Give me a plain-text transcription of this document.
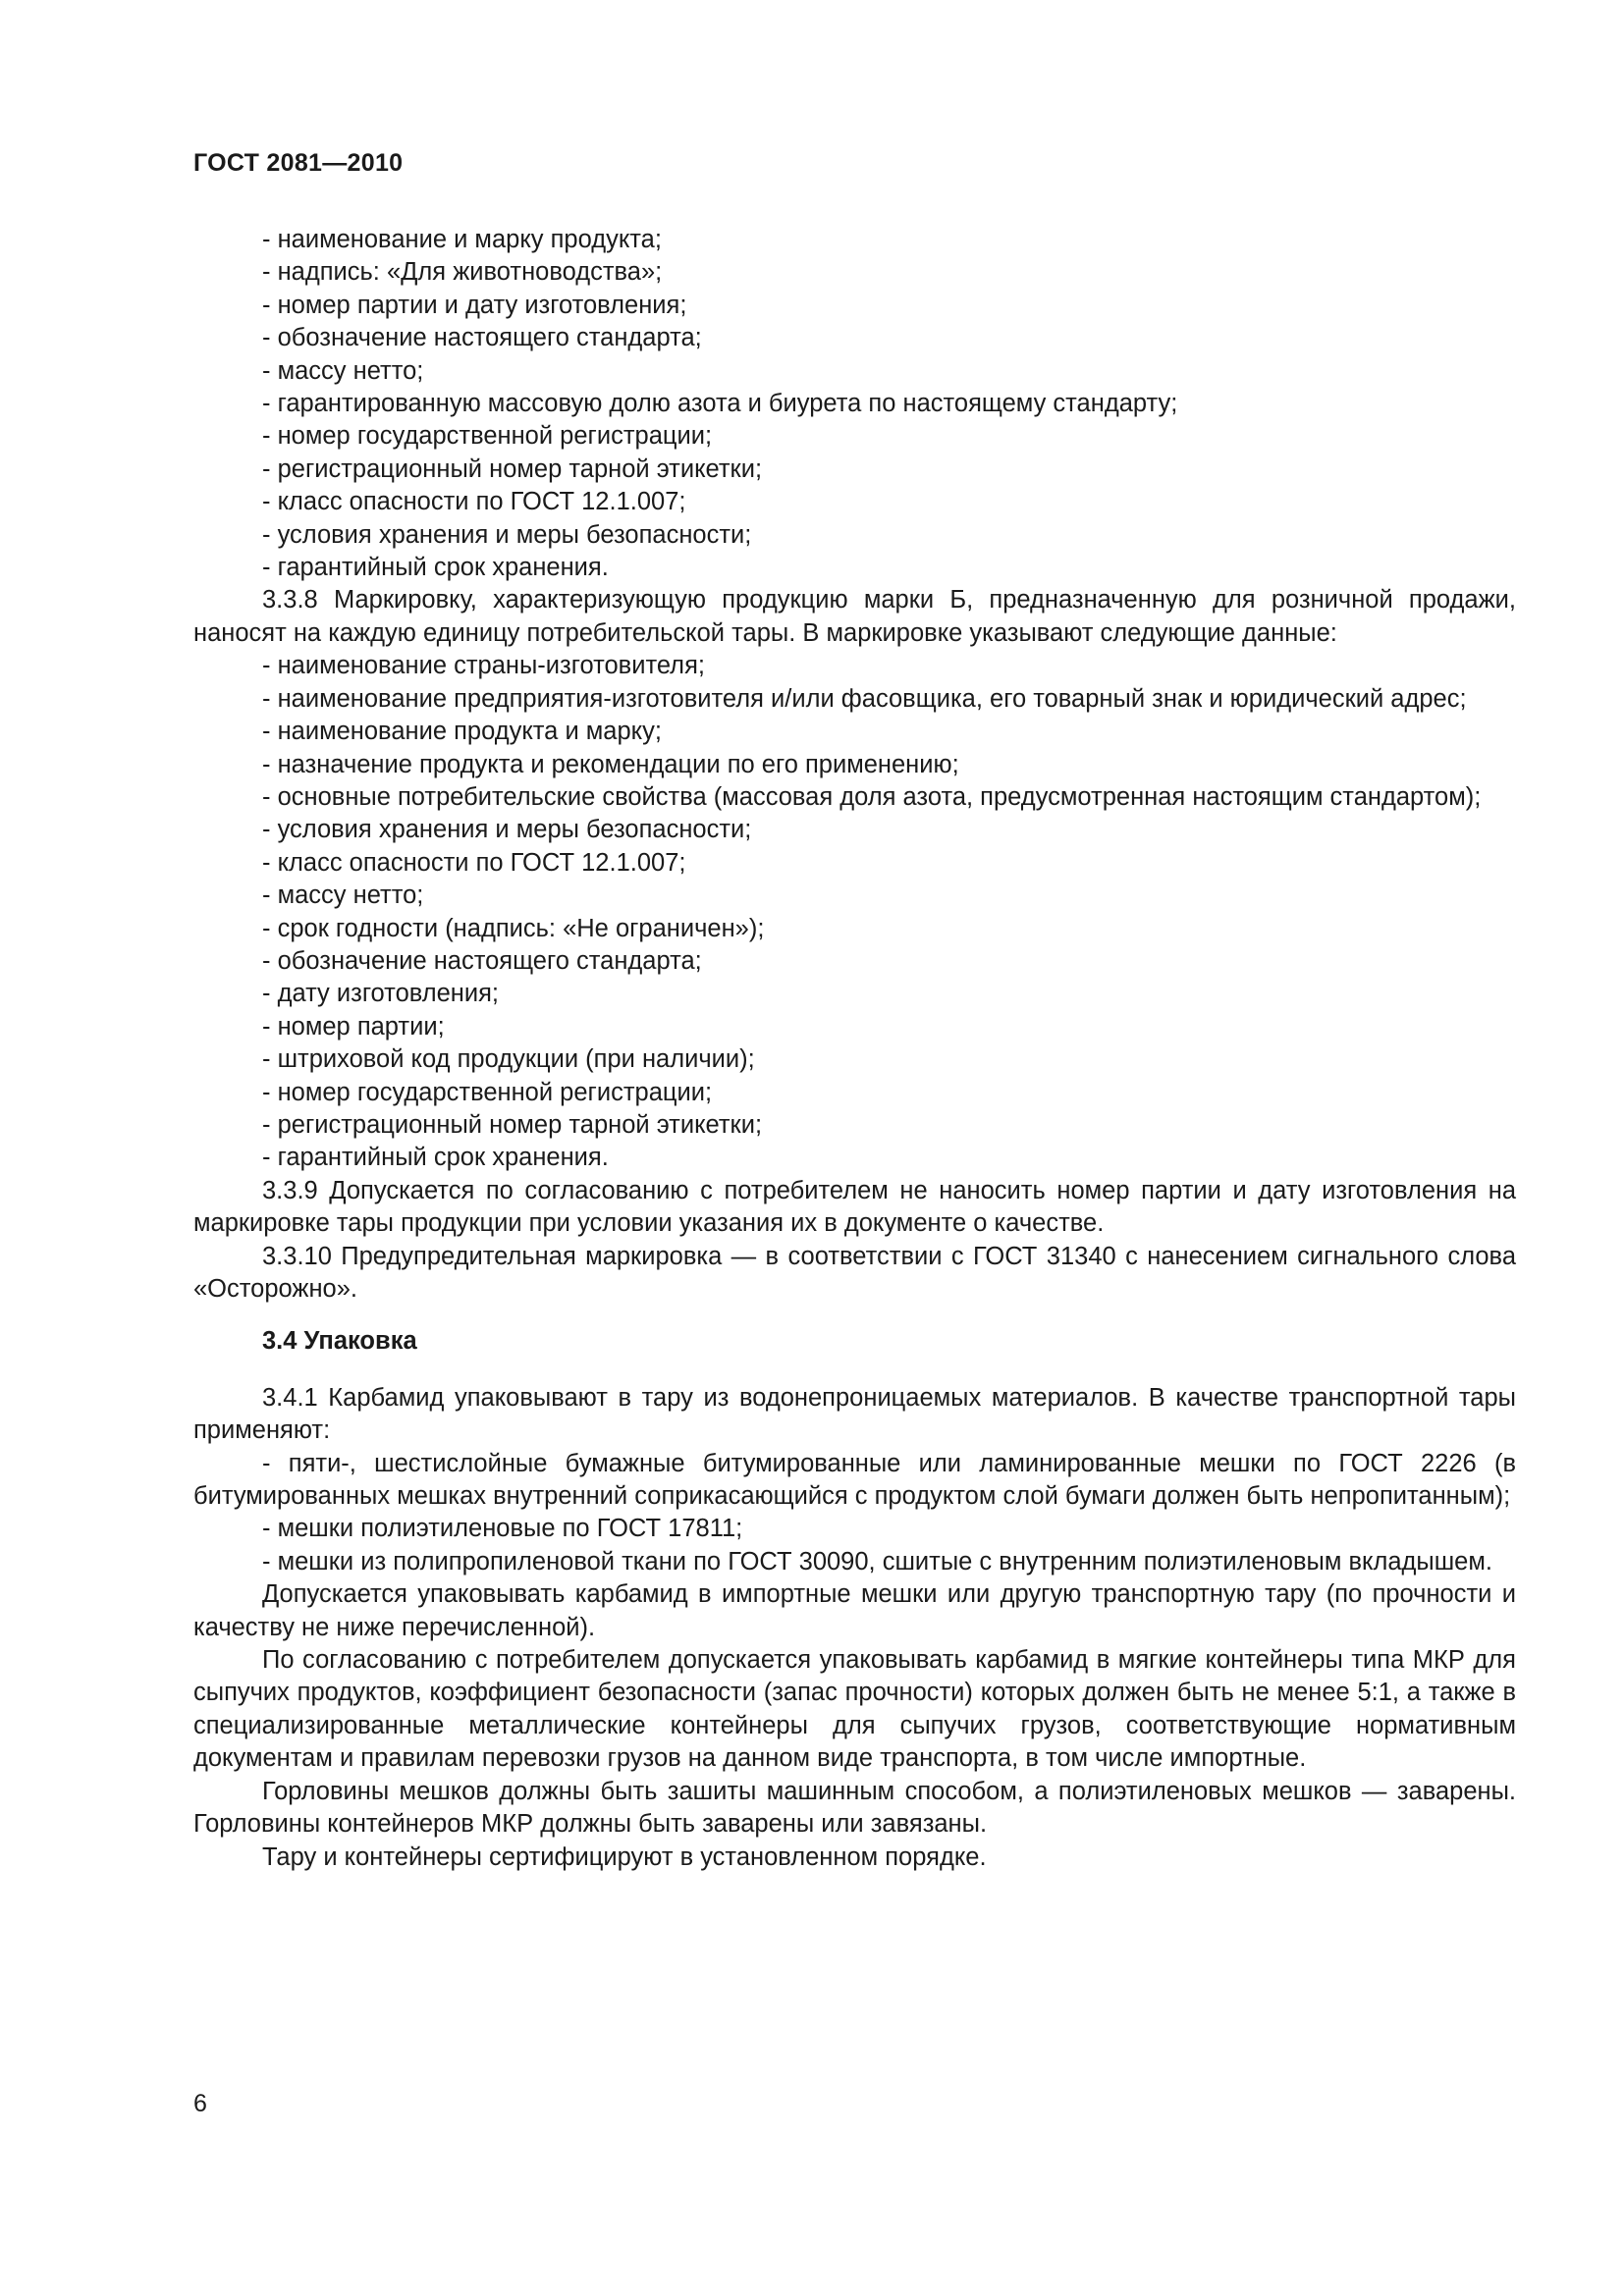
ГОСТ 2081—2010

- наименование и марку продукта;

- надпись: «Для животноводства»;

- номер партии и дату изготовления;

- обозначение настоящего стандарта;

- массу нетто;

- гарантированную массовую долю азота и биурета по настоящему стандарту;

- номер государственной регистрации;

- регистрационный номер тарной этикетки;

- класс опасности по ГОСТ 12.1.007;

- условия хранения и меры безопасности;

- гарантийный срок хранения.

3.3.8 Маркировку, характеризующую продукцию марки Б, предназначенную для розничной продажи, наносят на каждую единицу потребительской тары. В маркировке указывают следующие данные:

- наименование страны-изготовителя;

- наименование предприятия-изготовителя и/или фасовщика, его товарный знак и юридический адрес;

- наименование продукта и марку;

- назначение продукта и рекомендации по его применению;

- основные потребительские свойства (массовая доля азота, предусмотренная настоящим стандартом);

- условия хранения и меры безопасности;

- класс опасности по ГОСТ 12.1.007;

- массу нетто;

- срок годности (надпись: «Не ограничен»);

- обозначение настоящего стандарта;

- дату изготовления;

- номер партии;

- штриховой код продукции (при наличии);

- номер государственной регистрации;

- регистрационный номер тарной этикетки;

- гарантийный срок хранения.

3.3.9 Допускается по согласованию с потребителем не наносить номер партии и дату изготовления на маркировке тары продукции при условии указания их в документе о качестве.

3.3.10 Предупредительная маркировка — в соответствии с ГОСТ 31340 с нанесением сигнального слова «Осторожно».

3.4 Упаковка

3.4.1 Карбамид упаковывают в тару из водонепроницаемых материалов. В качестве транспортной тары применяют:

- пяти-, шестислойные бумажные битумированные или ламинированные мешки по ГОСТ 2226 (в битумированных мешках внутренний соприкасающийся с продуктом слой бумаги должен быть непропитанным);

- мешки полиэтиленовые по ГОСТ 17811;

- мешки из полипропиленовой ткани по ГОСТ 30090, сшитые с внутренним полиэтиленовым вкладышем.

Допускается упаковывать карбамид в импортные мешки или другую транспортную тару (по прочности и качеству не ниже перечисленной).

По согласованию с потребителем допускается упаковывать карбамид в мягкие контейнеры типа МКР для сыпучих продуктов, коэффициент безопасности (запас прочности) которых должен быть не менее 5:1, а также в специализированные металлические контейнеры для сыпучих грузов, соответствующие нормативным документам и правилам перевозки грузов на данном виде транспорта, в том числе импортные.

Горловины мешков должны быть зашиты машинным способом, а полиэтиленовых мешков — заварены. Горловины контейнеров МКР должны быть заварены или завязаны.

Тару и контейнеры сертифицируют в установленном порядке.

6
